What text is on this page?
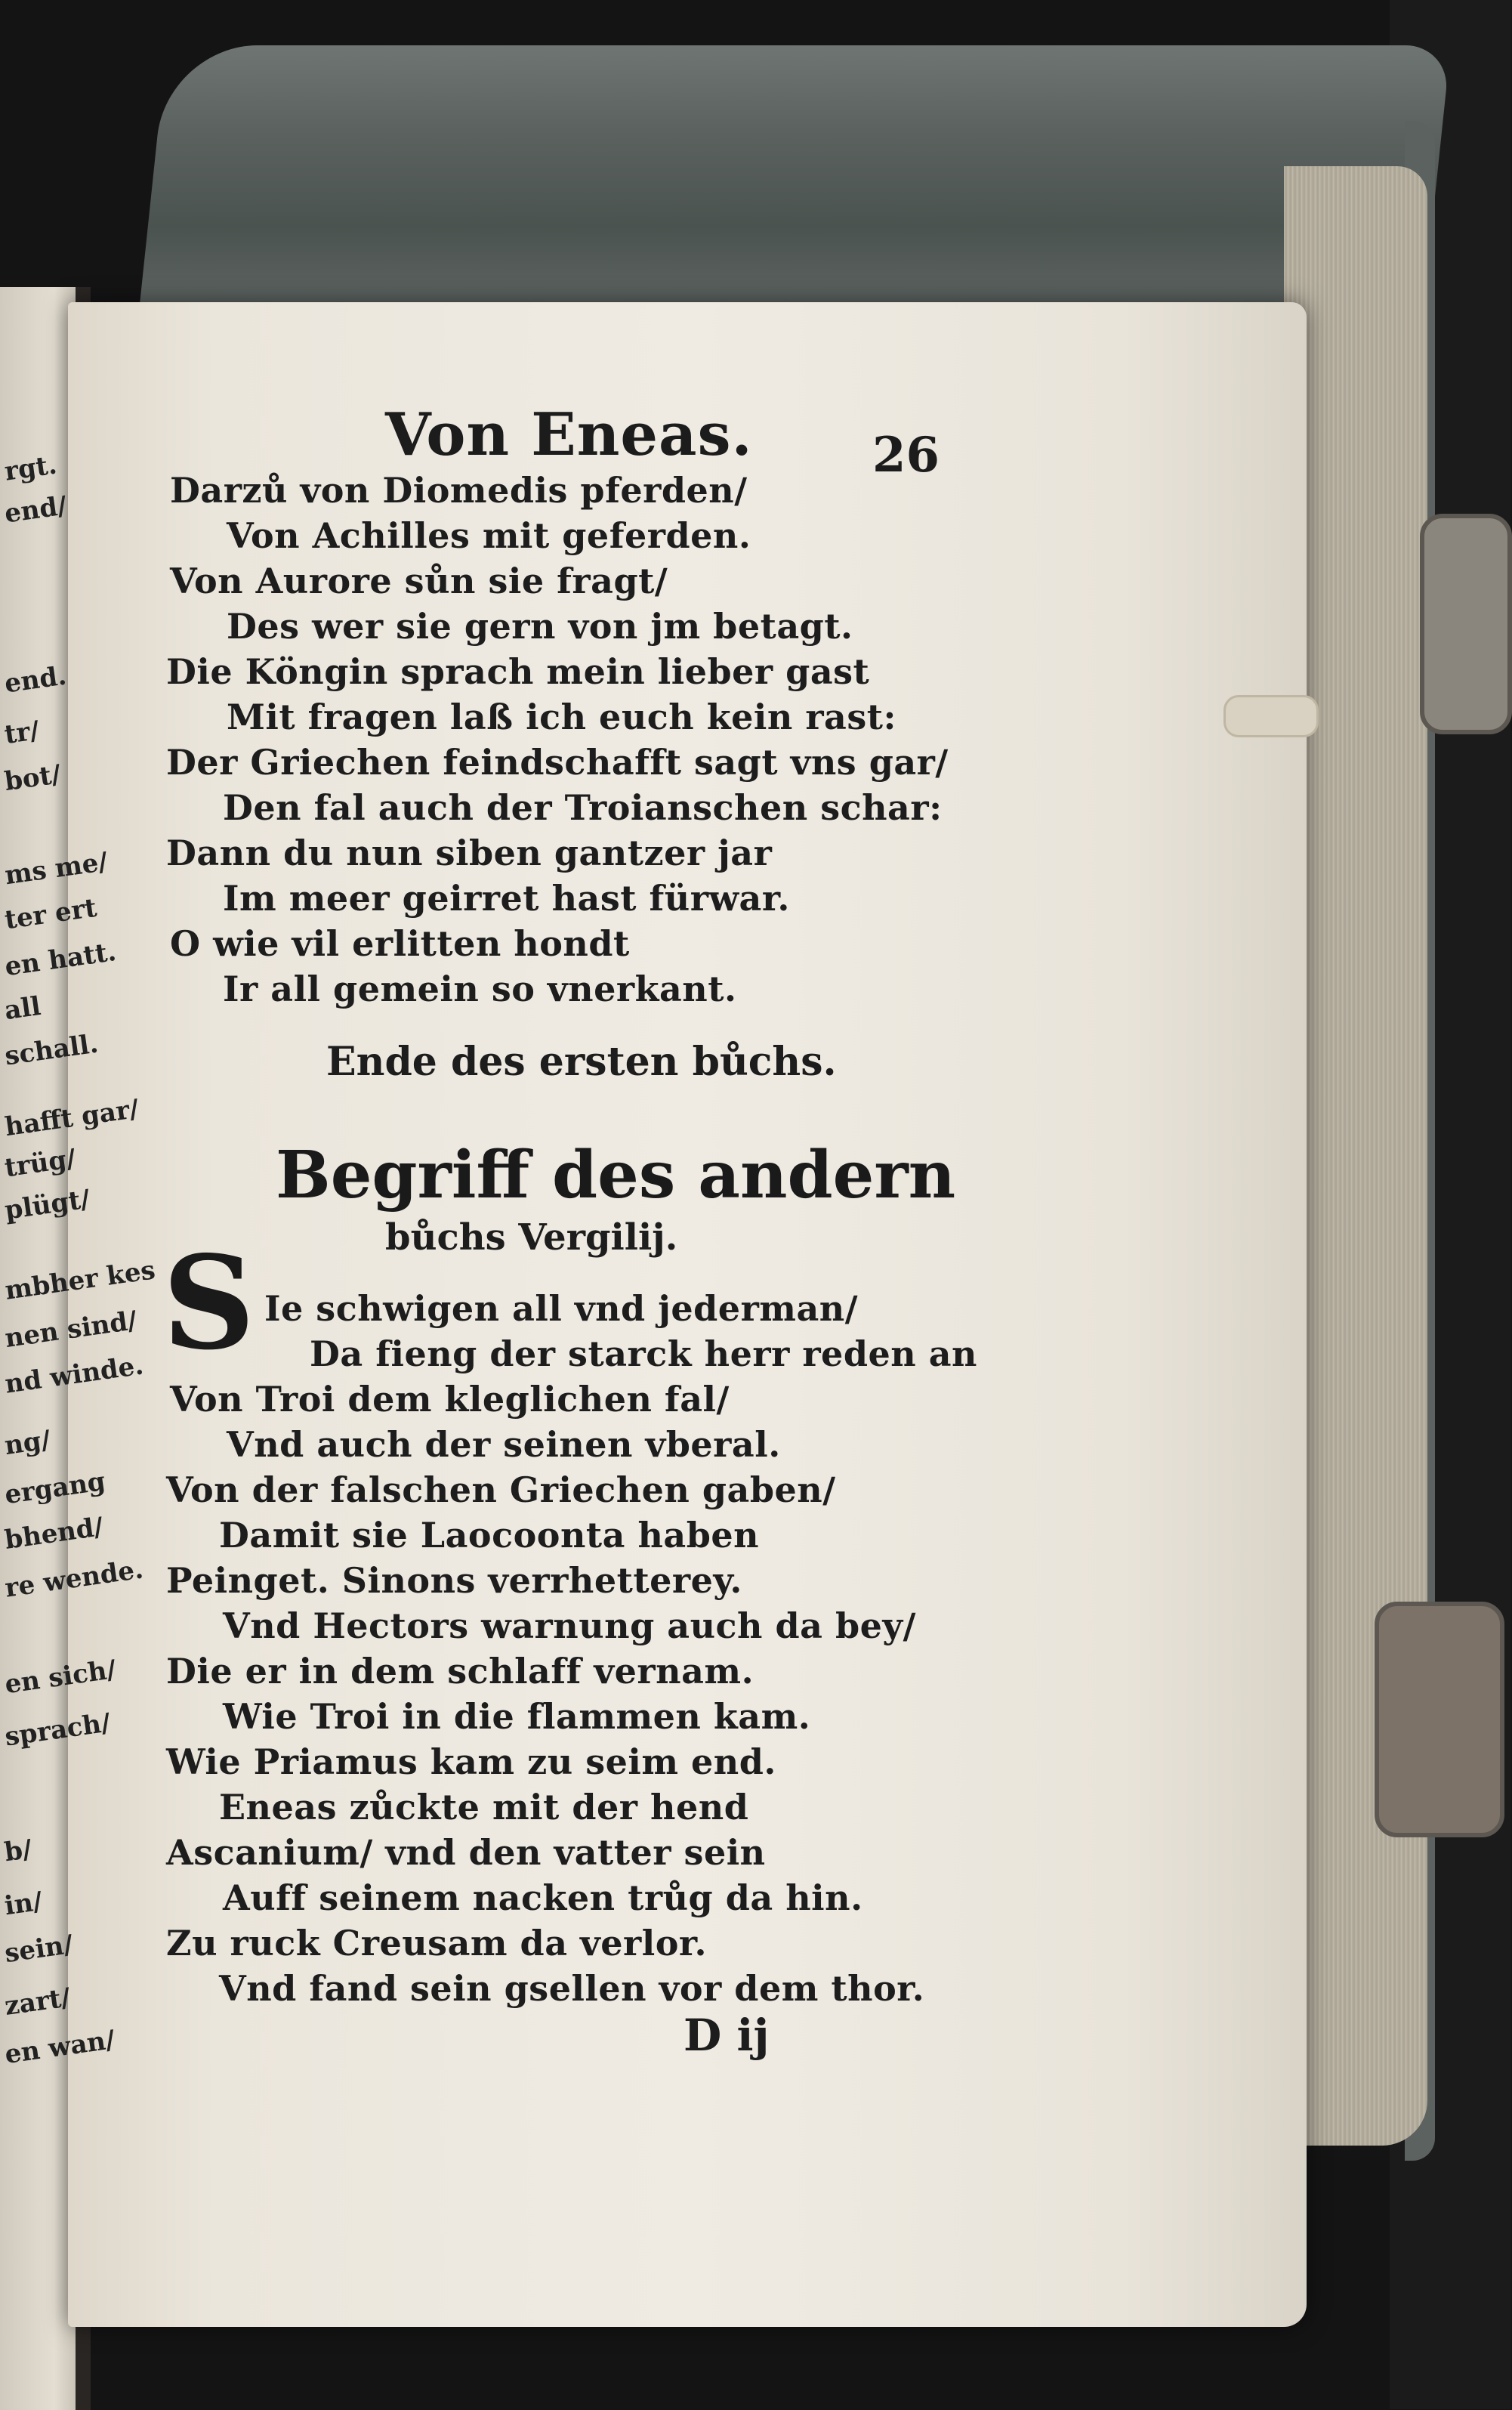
rgt.
end/
end.
tr/
bot/
ms me/
ter ert
en hatt.
all
schall.
hafft gar/
trüg/
plügt/
mbher kes
nen sind/
nd winde.
ng/
ergang
bhend/
re wende.
en sich/
sprach/
b/
in/
sein/
zart/
en wan/
Von Eneas. 26
Darzů von Diomedis pferden/
Von Achilles mit geferden.
Von Aurore sůn sie fragt/
Des wer sie gern von jm betagt.
Die Köngin sprach mein lieber gast
Mit fragen laß ich euch kein rast:
Der Griechen feindschafft sagt vns gar/
Den fal auch der Troianschen schar:
Dann du nun siben gantzer jar
Im meer geirret hast fürwar.
O wie vil erlitten hondt
Ir all gemein so vnerkant.
Ende des ersten bůchs.
Begriff des andern
bůchs Vergilij.
S Ie schwigen all vnd jederman/
Da fieng der starck herr reden an
Von Troi dem kleglichen fal/
Vnd auch der seinen vberal.
Von der falschen Griechen gaben/
Damit sie Laocoonta haben
Peinget. Sinons verrhetterey.
Vnd Hectors warnung auch da bey/
Die er in dem schlaff vernam.
Wie Troi in die flammen kam.
Wie Priamus kam zu seim end.
Eneas zůckte mit der hend
Ascanium/ vnd den vatter sein
Auff seinem nacken trůg da hin.
Zu ruck Creusam da verlor.
Vnd fand sein gsellen vor dem thor.
D ij
